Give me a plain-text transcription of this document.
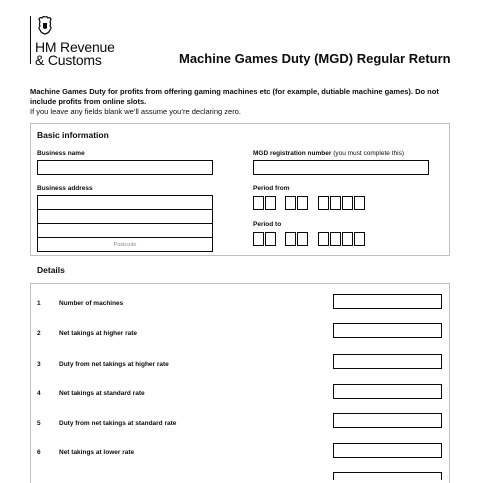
HM Revenue
& Customs	Machine Games Duty (MGD) Regular Return
Machine Games Duty for profits from offering gaming machines etc (for example, dutiable machine games). Do not include profits from online slots.
If you leave any fields blank we’ll assume you’re declaring zero.
Basic information
Business name
Business address
Postcode
MGD registration number (you must complete this)
Period from
Period to
Details
1	Number of machines
2	Net takings at higher rate
3	Duty from net takings at higher rate
4	Net takings at standard rate
5	Duty from net takings at standard rate
6	Net takings at lower rate
